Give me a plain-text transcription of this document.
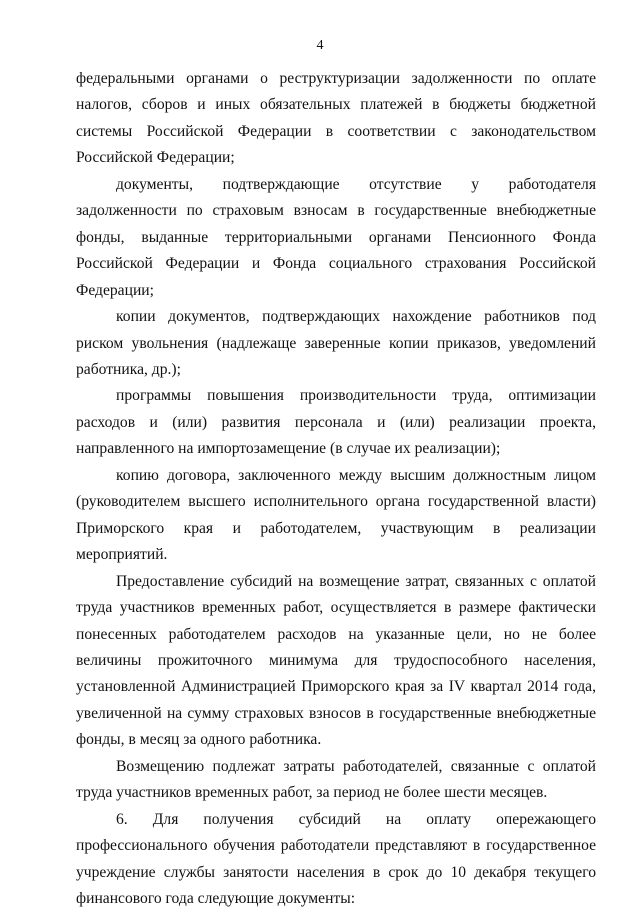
4

федеральными органами о реструктуризации задолженности по оплате налогов, сборов и иных обязательных платежей в бюджеты бюджетной системы Российской Федерации в соответствии с законодательством Российской Федерации;

документы, подтверждающие отсутствие у работодателя задолженности по страховым взносам в государственные внебюджетные фонды, выданные территориальными органами Пенсионного Фонда Российской Федерации и Фонда социального страхования Российской Федерации;

копии документов, подтверждающих нахождение работников под риском увольнения (надлежаще заверенные копии приказов, уведомлений работника, др.);

программы повышения производительности труда, оптимизации расходов и (или) развития персонала и (или) реализации проекта, направленного на импортозамещение (в случае их реализации);

копию договора, заключенного между высшим должностным лицом (руководителем высшего исполнительного органа государственной власти) Приморского края и работодателем, участвующим в реализации мероприятий.

Предоставление субсидий на возмещение затрат, связанных с оплатой труда участников временных работ, осуществляется в размере фактически понесенных работодателем расходов на указанные цели, но не более величины прожиточного минимума для трудоспособного населения, установленной Администрацией Приморского края за IV квартал 2014 года, увеличенной на сумму страховых взносов в государственные внебюджетные фонды, в месяц за одного работника.

Возмещению подлежат затраты работодателей, связанные с оплатой труда участников временных работ, за период не более шести месяцев.

6. Для получения субсидий на оплату опережающего профессионального обучения работодатели представляют в государственное учреждение службы занятости населения в срок до 10 декабря текущего финансового года следующие документы:
